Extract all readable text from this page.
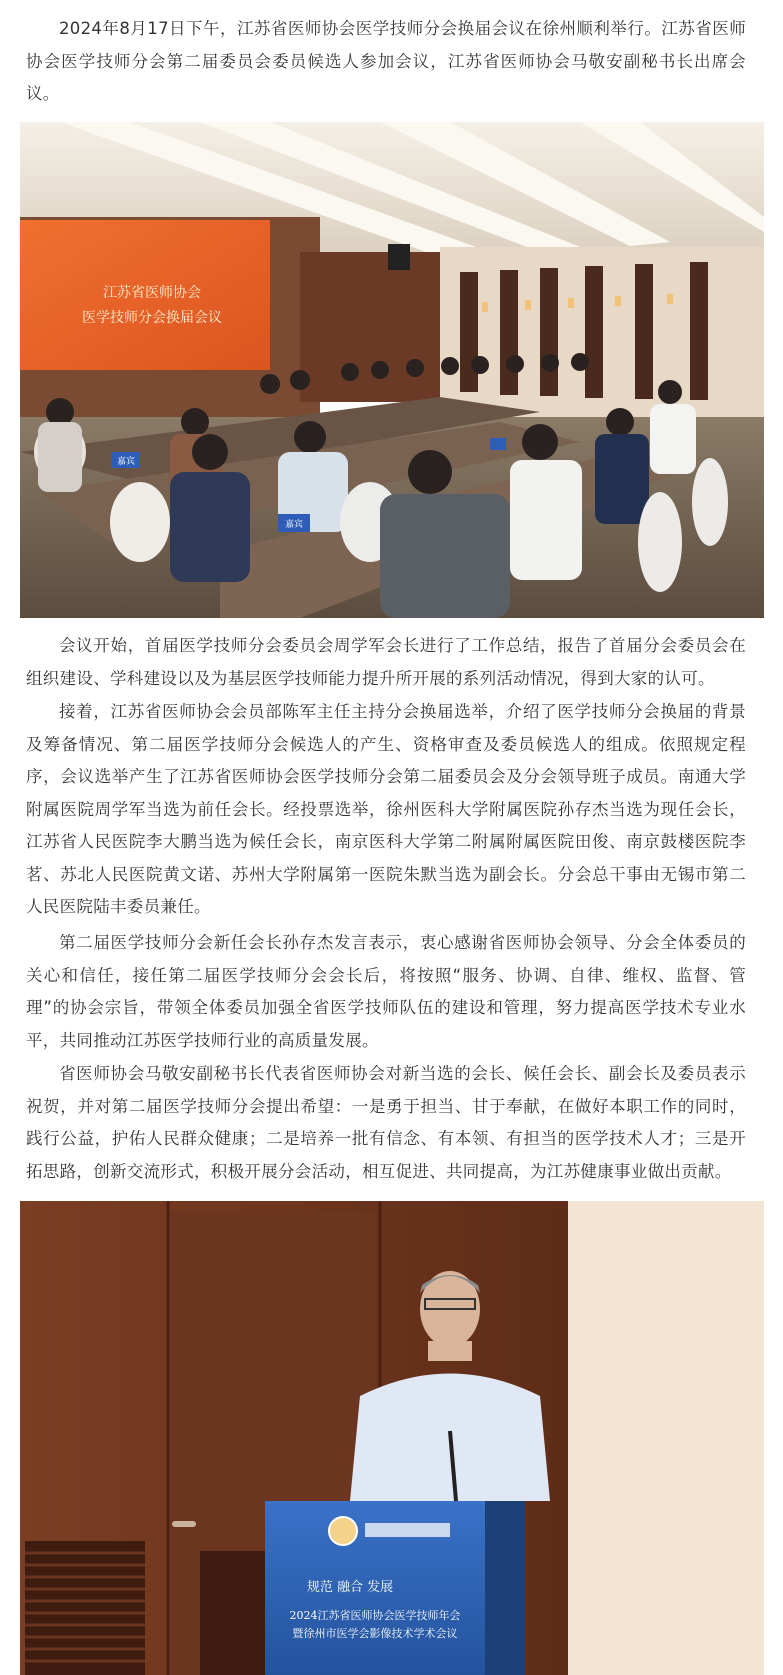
2024年8月17日下午，江苏省医师协会医学技师分会换届会议在徐州顺利举行。江苏省医师协会医学技师分会第二届委员会委员候选人参加会议，江苏省医师协会马敬安副秘书长出席会议。

江苏省医师协会
医学技师分会换届会议
嘉宾
嘉宾

会议开始，首届医学技师分会委员会周学军会长进行了工作总结，报告了首届分会委员会在组织建设、学科建设以及为基层医学技师能力提升所开展的系列活动情况，得到大家的认可。

接着，江苏省医师协会会员部陈军主任主持分会换届选举，介绍了医学技师分会换届的背景及筹备情况、第二届医学技师分会候选人的产生、资格审查及委员候选人的组成。依照规定程序，会议选举产生了江苏省医师协会医学技师分会第二届委员会及分会领导班子成员。南通大学附属医院周学军当选为前任会长。经投票选举，徐州医科大学附属医院孙存杰当选为现任会长，江苏省人民医院李大鹏当选为候任会长，南京医科大学第二附属附属医院田俊、南京鼓楼医院李茗、苏北人民医院黄文诺、苏州大学附属第一医院朱默当选为副会长。分会总干事由无锡市第二人民医院陆丰委员兼任。

第二届医学技师分会新任会长孙存杰发言表示，衷心感谢省医师协会领导、分会全体委员的关心和信任，接任第二届医学技师分会会长后，将按照“服务、协调、自律、维权、监督、管理”的协会宗旨，带领全体委员加强全省医学技师队伍的建设和管理，努力提高医学技术专业水平，共同推动江苏医学技师行业的高质量发展。

省医师协会马敬安副秘书长代表省医师协会对新当选的会长、候任会长、副会长及委员表示祝贺，并对第二届医学技师分会提出希望：一是勇于担当、甘于奉献，在做好本职工作的同时，践行公益，护佑人民群众健康；二是培养一批有信念、有本领、有担当的医学技术人才；三是开拓思路，创新交流形式，积极开展分会活动，相互促进、共同提高，为江苏健康事业做出贡献。

规范 融合 发展
2024江苏省医师协会医学技师年会
暨徐州市医学会影像技术学术会议
